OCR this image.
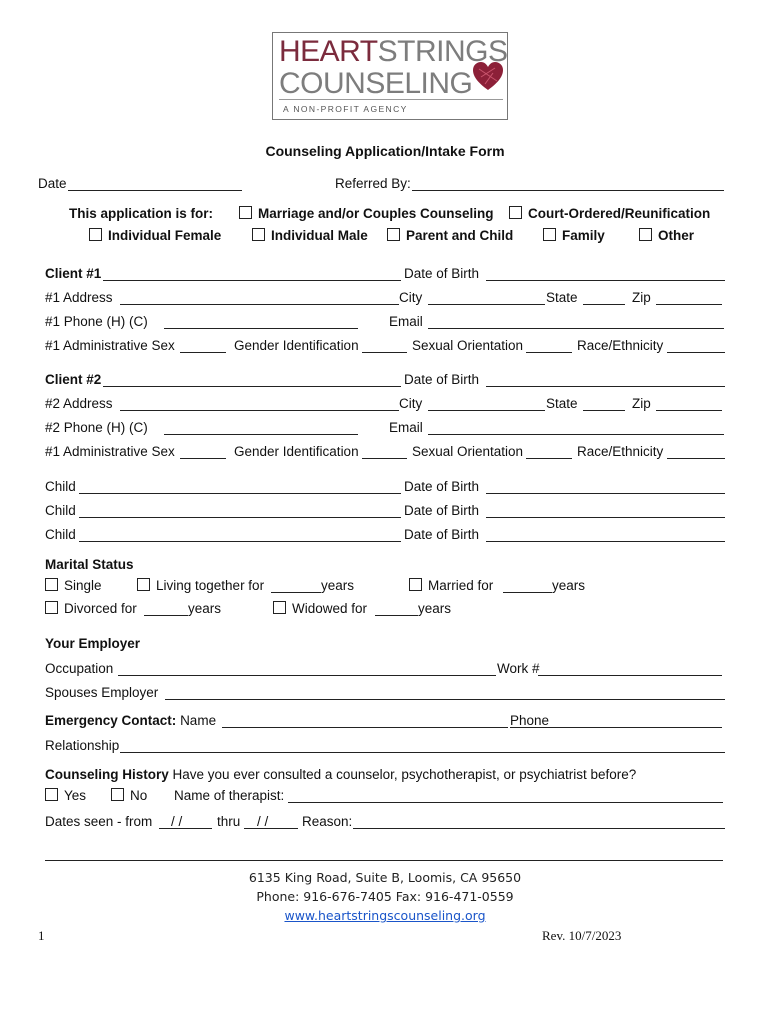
HEARTSTRINGS
COUNSELING
A NON-PROFIT AGENCY
Counseling Application/Intake Form
Date	Referred By:
This application is for:	Marriage and/or Couples Counseling	Court-Ordered/Reunification
Individual Female	Individual Male	Parent and Child	Family	Other
Client #1	Date of Birth
#1 Address	City	State	Zip
#1 Phone (H) (C)	Email
#1 Administrative Sex	Gender Identification	Sexual Orientation	Race/Ethnicity
Client #2	Date of Birth
#2 Address	City	State	Zip
#2 Phone (H) (C)	Email
#1 Administrative Sex	Gender Identification	Sexual Orientation	Race/Ethnicity
Child	Date of Birth
Child	Date of Birth
Child	Date of Birth
Marital Status
Single	Living together for	years	Married for	years
Divorced for	years	Widowed for	years
Your Employer
Occupation	Work #
Spouses Employer
Emergency Contact: Name	Phone
Relationship
Counseling History Have you ever consulted a counselor, psychotherapist, or psychiatrist before?
Yes	No Name of therapist:
Dates seen - from / /	thru / / Reason:
6135 King Road, Suite B, Loomis, CA 95650
Phone: 916-676-7405 Fax: 916-471-0559
www.heartstringscounseling.org
1	Rev. 10/7/2023
